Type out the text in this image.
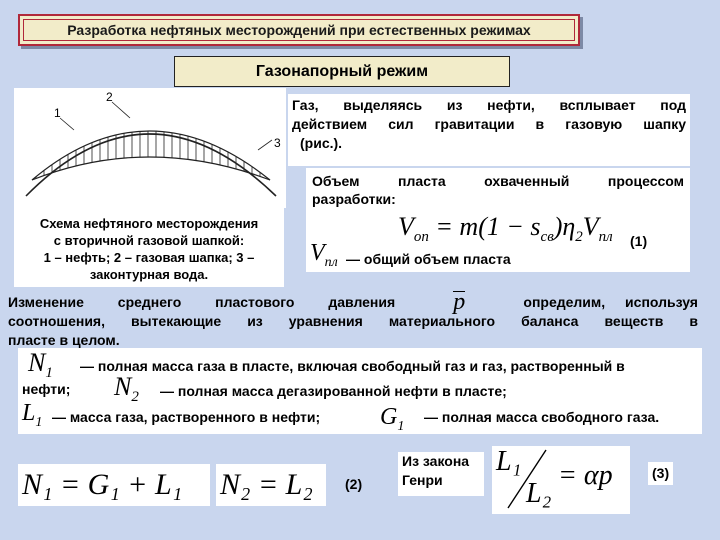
Разработка нефтяных месторождений при естественных режимах
Газонапорный режим
1
2
3
Схема нефтяного месторождения
с вторичной газовой шапкой:
1 – нефть; 2 – газовая шапка; 3 –
законтурная вода.
Газ, выделяясь из нефти, всплывает под
действием сил гравитации в газовую шапку
(рис.).
Объем пласта охваченный процессом
разработки:
$V_{оп} = m(1 - s_{св})\eta_2V_{пл}$ (1)
$V_{пл}$ — общий объем пласта
Изменение среднего пластового давления	p	определим, используя
соотношения, вытекающие из уравнения материального баланса веществ в
пласте в целом.
$N_1$ — полная масса газа в пласте, включая свободный газ и газ, растворенный в
нефти; $N_2$ — полная масса дегазированной нефти в пласте;
$L_1$ — масса газа, растворенного в нефти; $G_1$
— полная масса свободного газа.
N₁ = G₁ + L₁ N₂ = L₂ (2)
Из закона
Генри
L₁
L₂
= αp	(3)
